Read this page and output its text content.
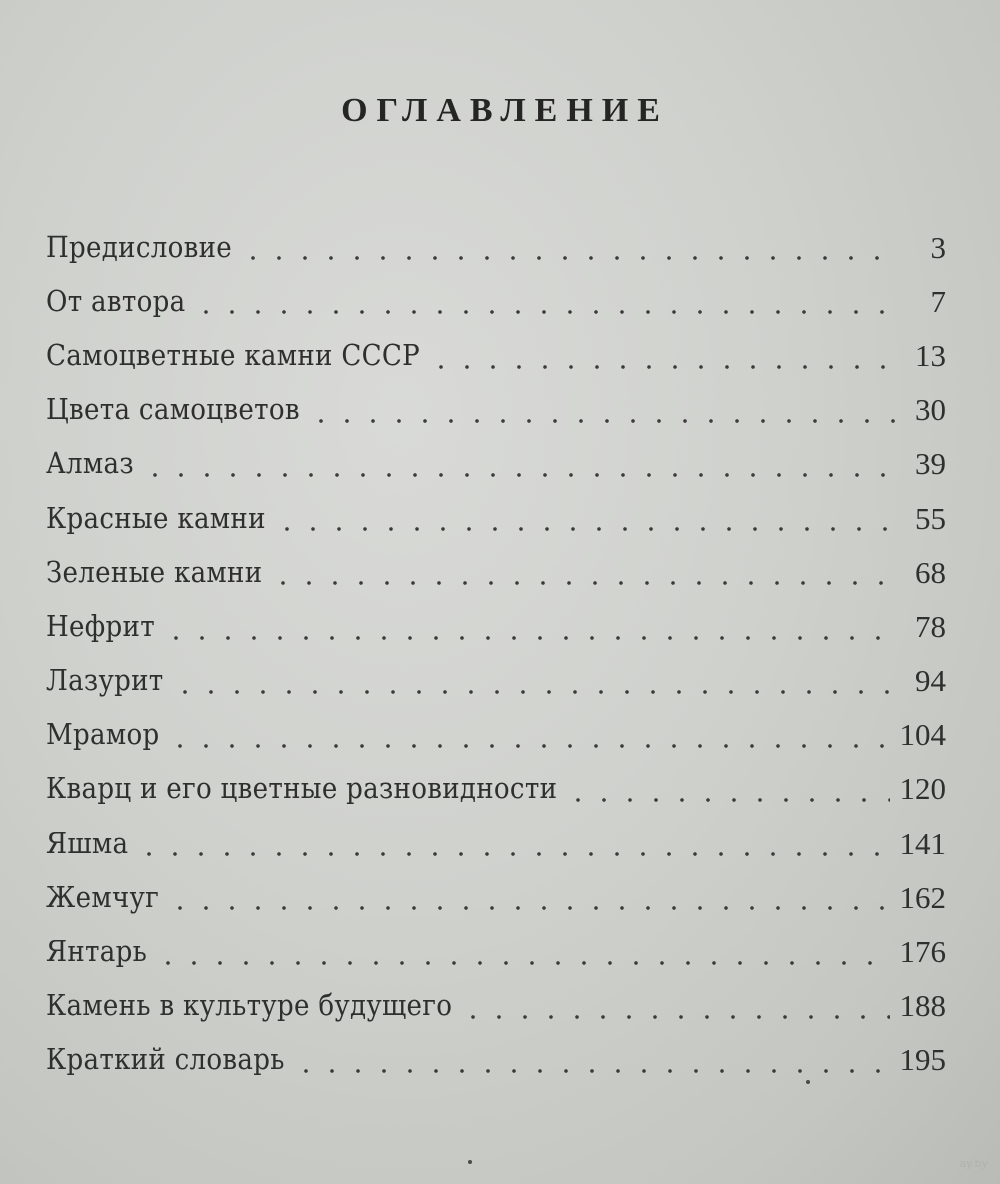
ОГЛАВЛЕНИЕ
Предисловие	3
От автора	7
Самоцветные камни СССР	13
Цвета самоцветов	30
Алмаз	39
Красные камни	55
Зеленые камни	68
Нефрит	78
Лазурит	94
Мрамор	104
Кварц и его цветные разновидности	120
Яшма	141
Жемчуг	162
Янтарь	176
Камень в культуре будущего	188
Краткий словарь	195
ay.by
